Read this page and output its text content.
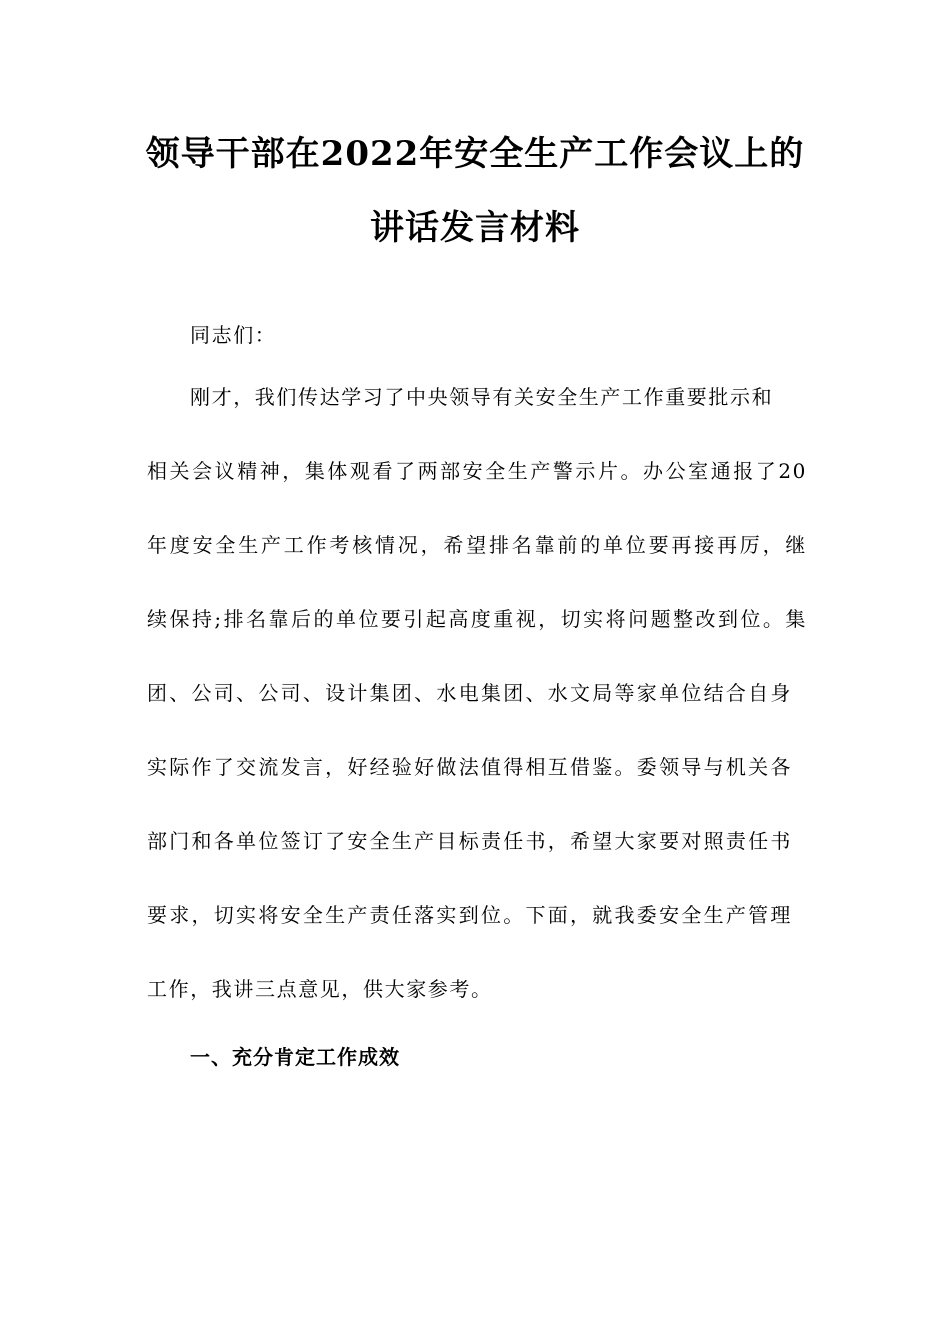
领导干部在2022年安全生产工作会议上的
讲话发言材料
同志们：
刚才，我们传达学习了中央领导有关安全生产工作重要批示和
相关会议精神，集体观看了两部安全生产警示片。办公室通报了20
年度安全生产工作考核情况，希望排名靠前的单位要再接再厉，继
续保持;排名靠后的单位要引起高度重视，切实将问题整改到位。集
团、公司、公司、设计集团、水电集团、水文局等家单位结合自身
实际作了交流发言，好经验好做法值得相互借鉴。委领导与机关各
部门和各单位签订了安全生产目标责任书，希望大家要对照责任书
要求，切实将安全生产责任落实到位。下面，就我委安全生产管理
工作，我讲三点意见，供大家参考。
一、充分肯定工作成效
